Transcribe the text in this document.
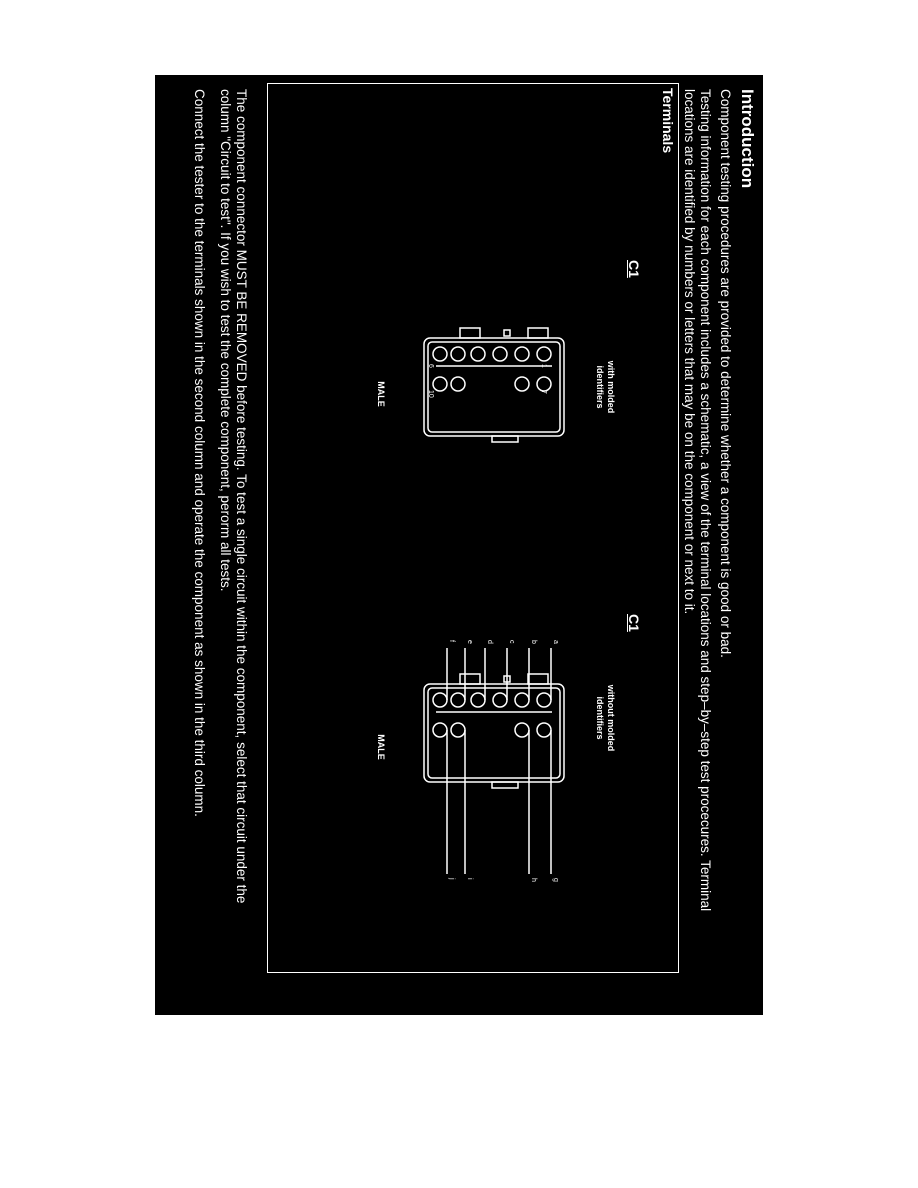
Introduction
Component testing procedures are provided to determine whether a component is good or bad.
Testing information for each component includes a schematic, a view of the terminal locations and step–by–step test procecures. Terminal
locations are identified by numbers or letters that may be on the component or next to it.
Terminals
C1
with molded
identifiers
1
6
7
10
MALE
C1
without molded
identifiers
a
b
c
d
e
f
g
h
i
j
MALE
The component connector MUST BE REMOVED before testing. To test a single circuit within the component, select that circuit under the
column "Circuit to test". If you wish to test the complete component, perorm all tests.
Connect the tester to the terminals shown in the second column and operate the component as shown in the third column.
